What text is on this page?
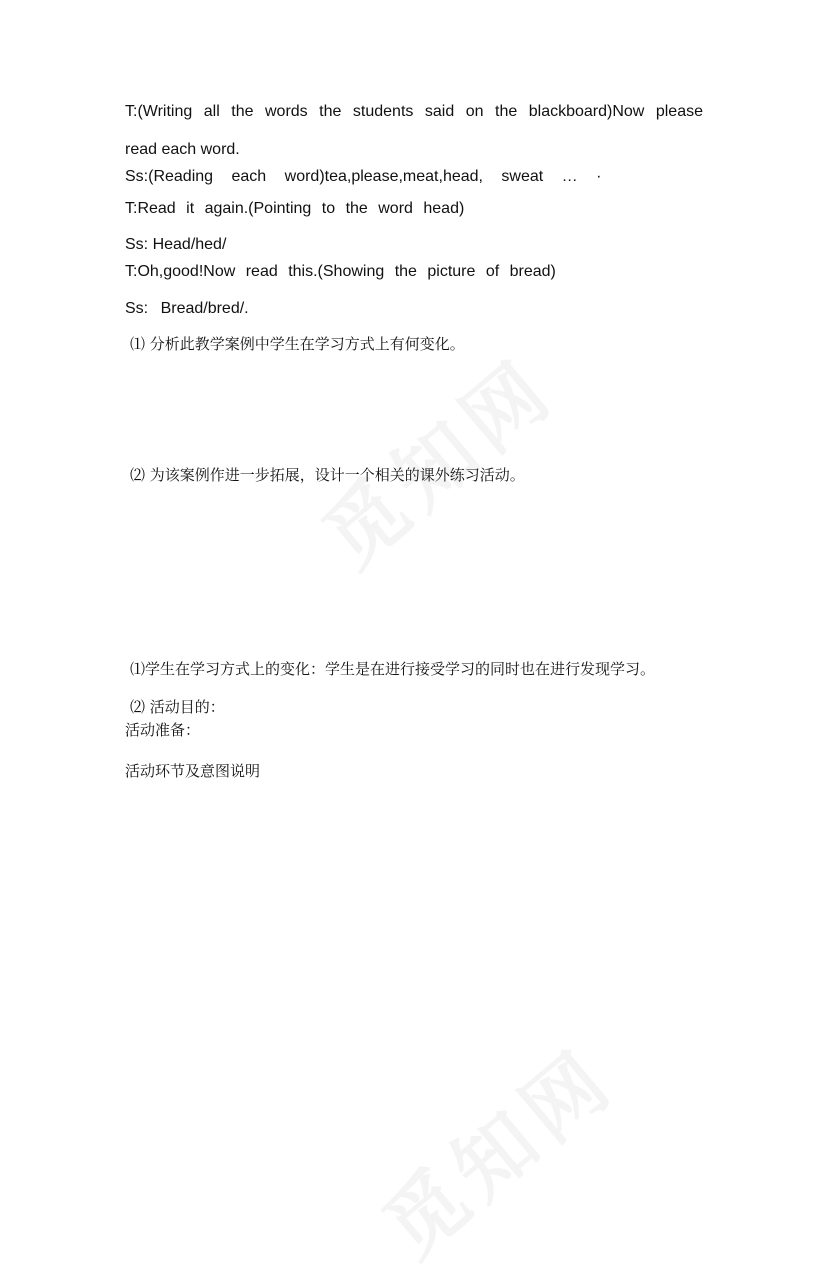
T:(Writing all the words the students said on the blackboard)Now please
read each word.
Ss:(Reading each word)tea,please,meat,head, sweat … ·
T:Read it again.(Pointing to the word head)
Ss: Head/hed/
T:Oh,good!Now read this.(Showing the picture of bread)
Ss: Bread/bred/.
⑴ 分析此教学案例中学生在学习方式上有何变化。
⑵ 为该案例作进一步拓展，设计一个相关的课外练习活动。
⑴学生在学习方式上的变化：学生是在进行接受学习的同时也在进行发现学习。
⑵ 活动目的：
活动准备：
活动环节及意图说明
